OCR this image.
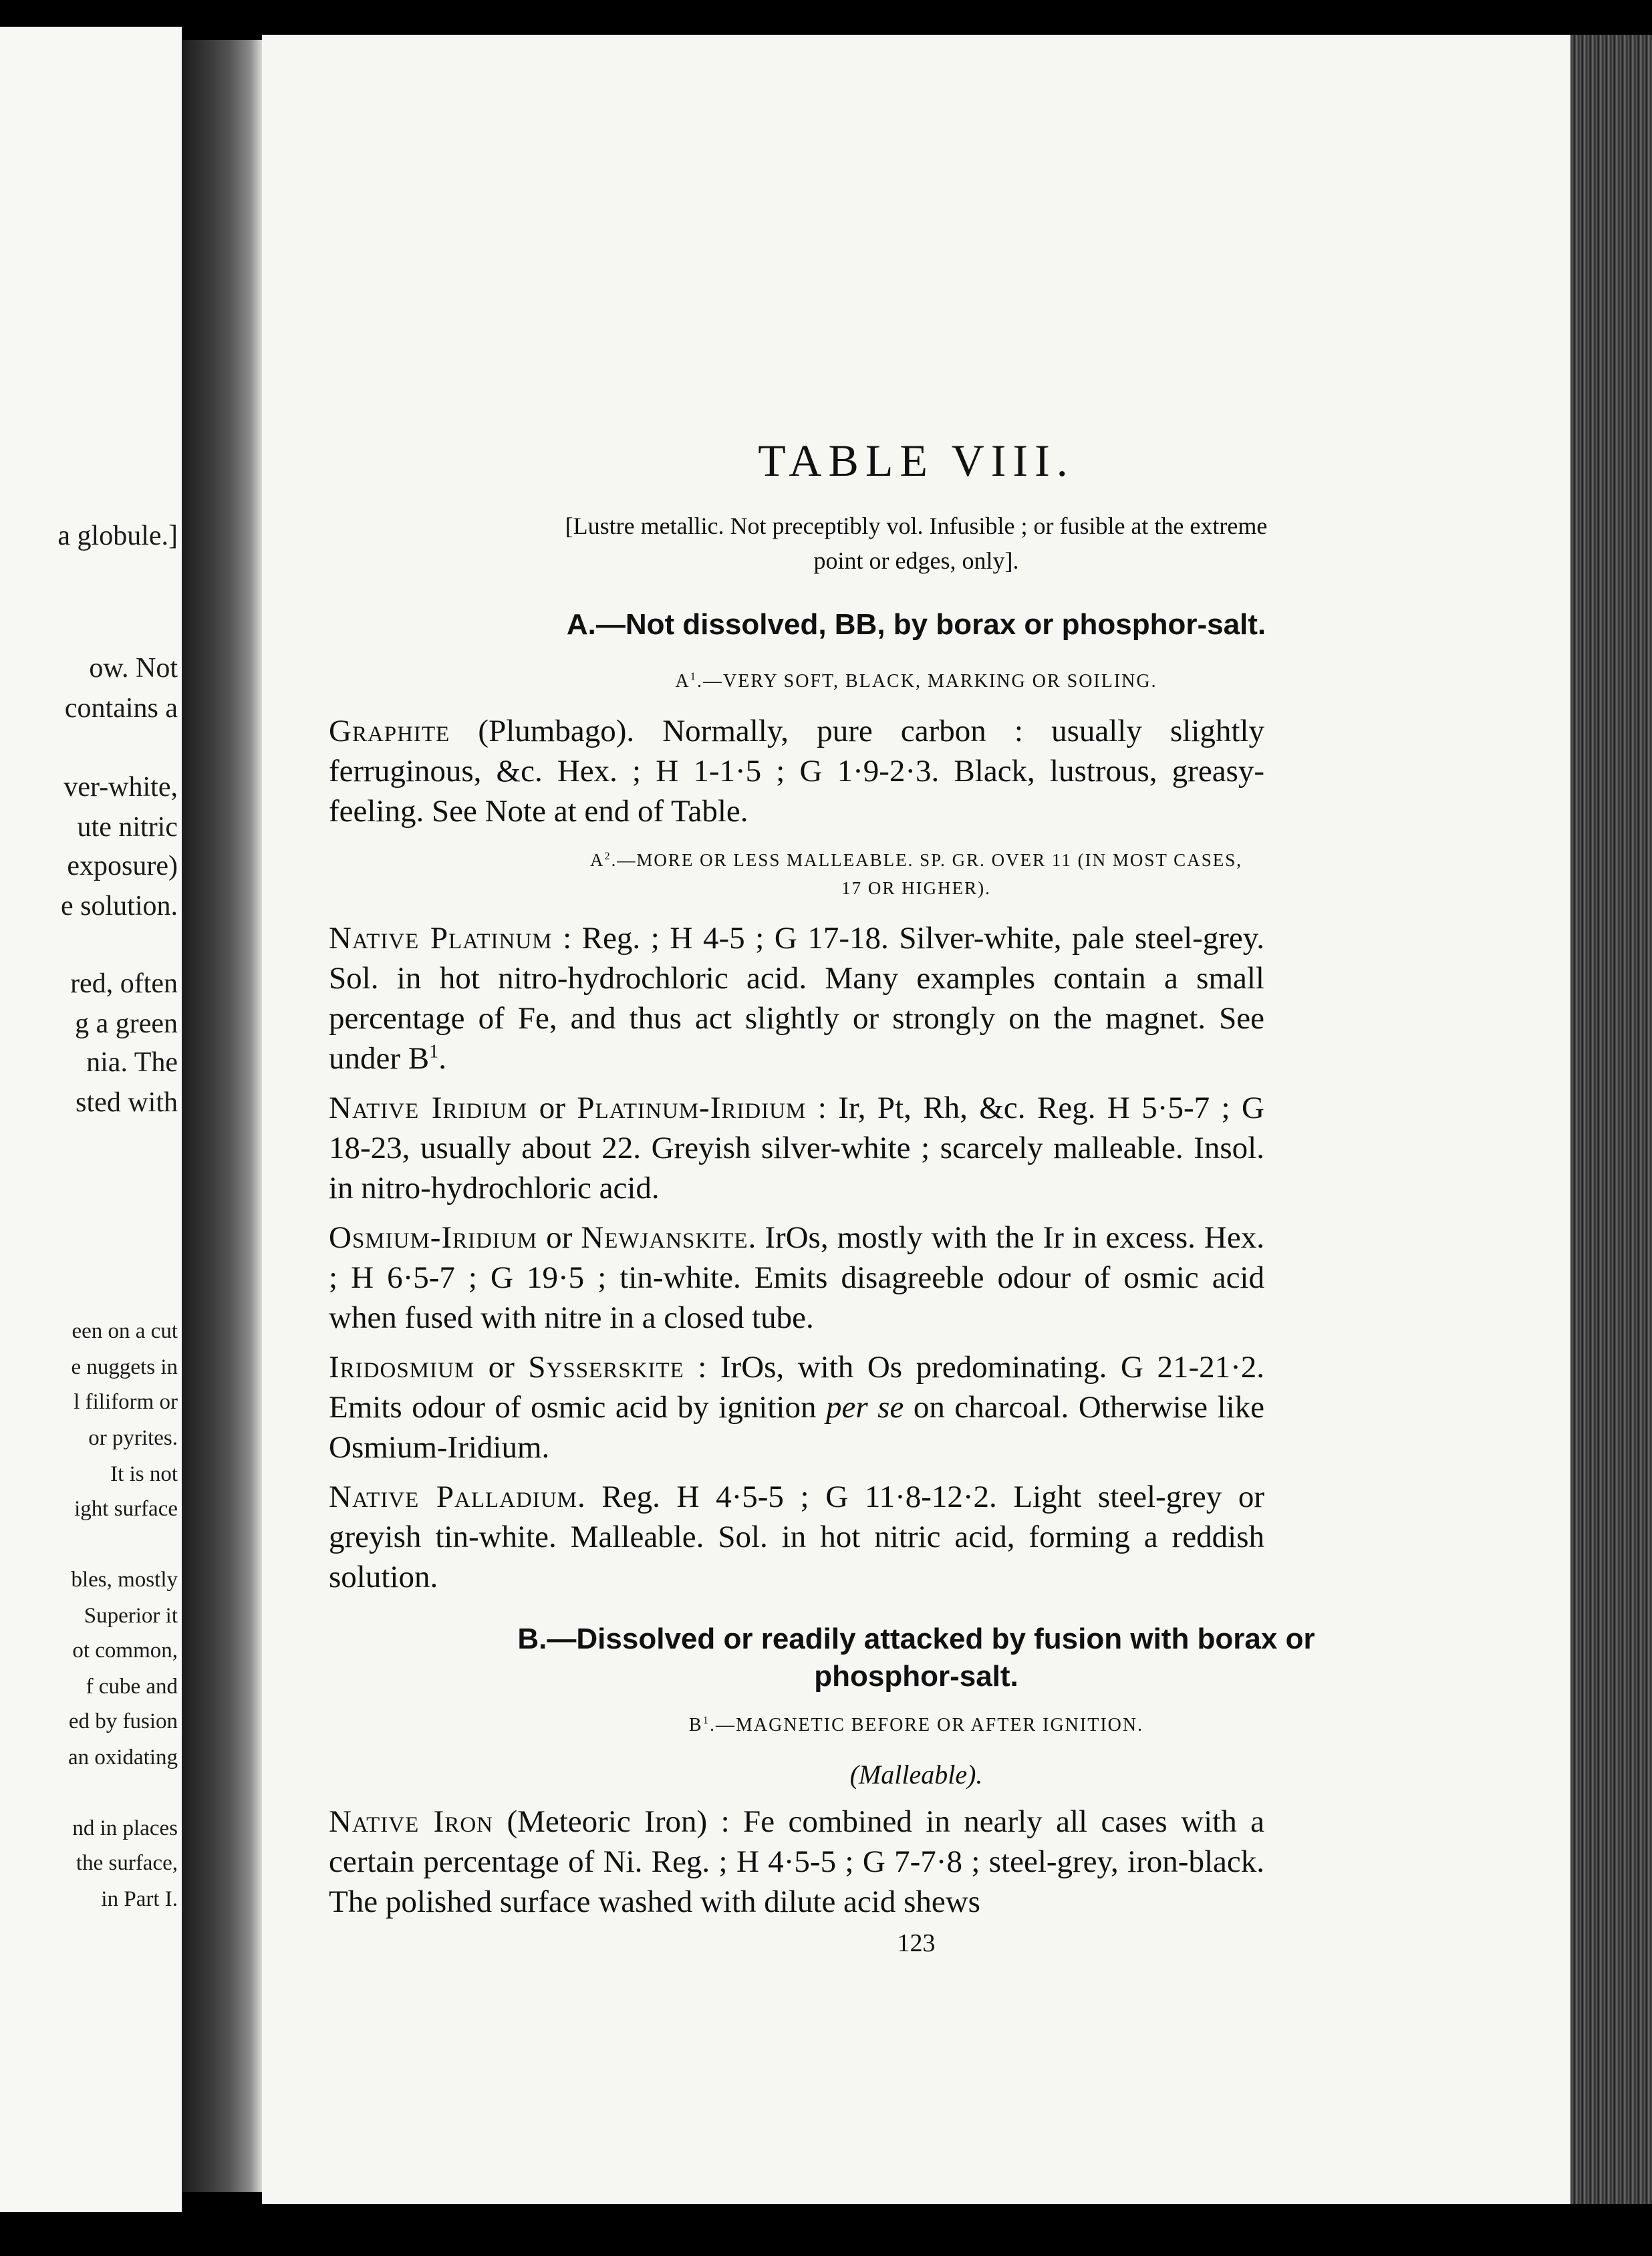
a globule.]
ow. Not
contains a
ver-white,
ute nitric
exposure)
e solution.
red, often
g a green
nia. The
sted with
een on a cut
e nuggets in
l filiform or
or pyrites.
It is not
ight surface
bles, mostly
Superior it
ot common,
f cube and
ed by fusion
an oxidating
nd in places
the surface,
in Part I.
TABLE VIII.
[Lustre metallic. Not preceptibly vol. Infusible ; or fusible at the extreme
point or edges, only].
A.—Not dissolved, BB, by borax or phosphor-salt.
$A^1.—VERY$ SOFT, BLACK, MARKING OR SOILING.
Graphite (Plumbago). Normally, pure carbon : usually slightly ferruginous, &c. Hex. ; H 1-1·5 ; G 1·9-2·3. Black, lustrous, greasy-feeling. See Note at end of Table.
$A^2.—MORE$ OR LESS MALLEABLE. SP. GR. OVER 11 (IN MOST CASES,
17 OR HIGHER).
Native Platinum : Reg. ; H 4-5 ; G 17-18. Silver-white, pale steel-grey. Sol. in hot nitro-hydrochloric acid. Many examples contain a small percentage of Fe, and thus act slightly or strongly on the magnet. See under $B^1$.
Native Iridium or Platinum-Iridium : Ir, Pt, Rh, &c. Reg. H 5·5-7 ; G 18-23, usually about 22. Greyish silver-white ; scarcely malleable. Insol. in nitro-hydrochloric acid.
Osmium-Iridium or Newjanskite. IrOs, mostly with the Ir in excess. Hex. ; H 6·5-7 ; G 19·5 ; tin-white. Emits disagreeble odour of osmic acid when fused with nitre in a closed tube.
Iridosmium or Sysserskite : IrOs, with Os predominating. G 21-21·2. Emits odour of osmic acid by ignition per se on charcoal. Otherwise like Osmium-Iridium.
Native Palladium. Reg. H 4·5-5 ; G 11·8-12·2. Light steel-grey or greyish tin-white. Malleable. Sol. in hot nitric acid, forming a reddish solution.
B.—Dissolved or readily attacked by fusion with borax or
phosphor-salt.
$B^1.—MAGNETIC$ BEFORE OR AFTER IGNITION.
(Malleable).
Native Iron (Meteoric Iron) : Fe combined in nearly all cases with a certain percentage of Ni. Reg. ; H 4·5-5 ; G 7-7·8 ; steel-grey, iron-black. The polished surface washed with dilute acid shews
123
